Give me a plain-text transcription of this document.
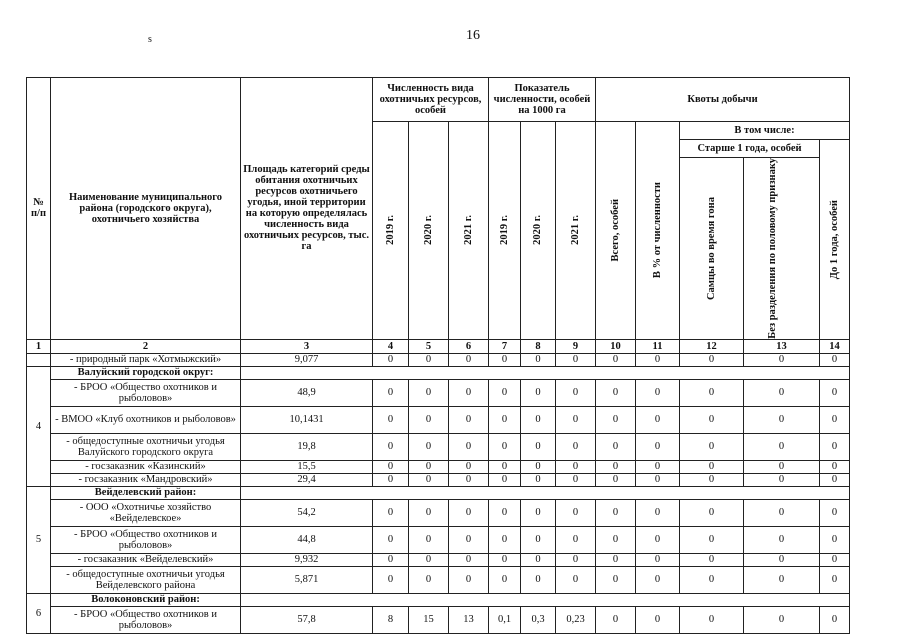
16
s
№ п/п	Наименование муниципального района (городского округа), охотничьего хозяйства	Площадь категорий среды обитания охотничьих ресурсов охотничьего угодья, иной территории на которую определялась численность вида охотничьих ресурсов, тыс. га	Численность вида охотничьих ресурсов, особей			Показатель численности, особей на 1000 га			Квоты добычи				

			2019 г.	2020 г.	2021 г.	2019 г.	2020 г.	2021 г.	Всего, особей	В % от численности	В том числе:		
											Старше 1 года, особей		До 1 года, особей

											Самцы во время гона	Без разделения по половому признаку	

1	2	3	4	5	6	7	8	9	10	11	12	13	14
	- природный парк «Хотмыжский»	9,077	0	0	0	0	0	0	0	0	0	0	0
4	Валуйский городской округ:												
	- БРОО «Общество охотников и рыболовов»	48,9	0	0	0	0	0	0	0	0	0	0	0
	- ВМОО «Клуб охотников и рыболовов»	10,1431	0	0	0	0	0	0	0	0	0	0	0
	- общедоступные охотничьи угодья Валуйского городского округа	19,8	0	0	0	0	0	0	0	0	0	0	0
	- госзаказник «Казинский»	15,5	0	0	0	0	0	0	0	0	0	0	0
	- госзаказник «Мандровский»	29,4	0	0	0	0	0	0	0	0	0	0	0
5	Вейделевский район:												
	- ООО «Охотничье хозяйство «Вейделевское»	54,2	0	0	0	0	0	0	0	0	0	0	0
	- БРОО «Общество охотников и рыболовов»	44,8	0	0	0	0	0	0	0	0	0	0	0
	- госзаказник «Вейделевский»	9,932	0	0	0	0	0	0	0	0	0	0	0
	- общедоступные охотничьи угодья Вейделевского района	5,871	0	0	0	0	0	0	0	0	0	0	0
6	Волоконовский район:												
	- БРОО «Общество охотников и рыболовов»	57,8	8	15	13	0,1	0,3	0,23	0	0	0	0	0
